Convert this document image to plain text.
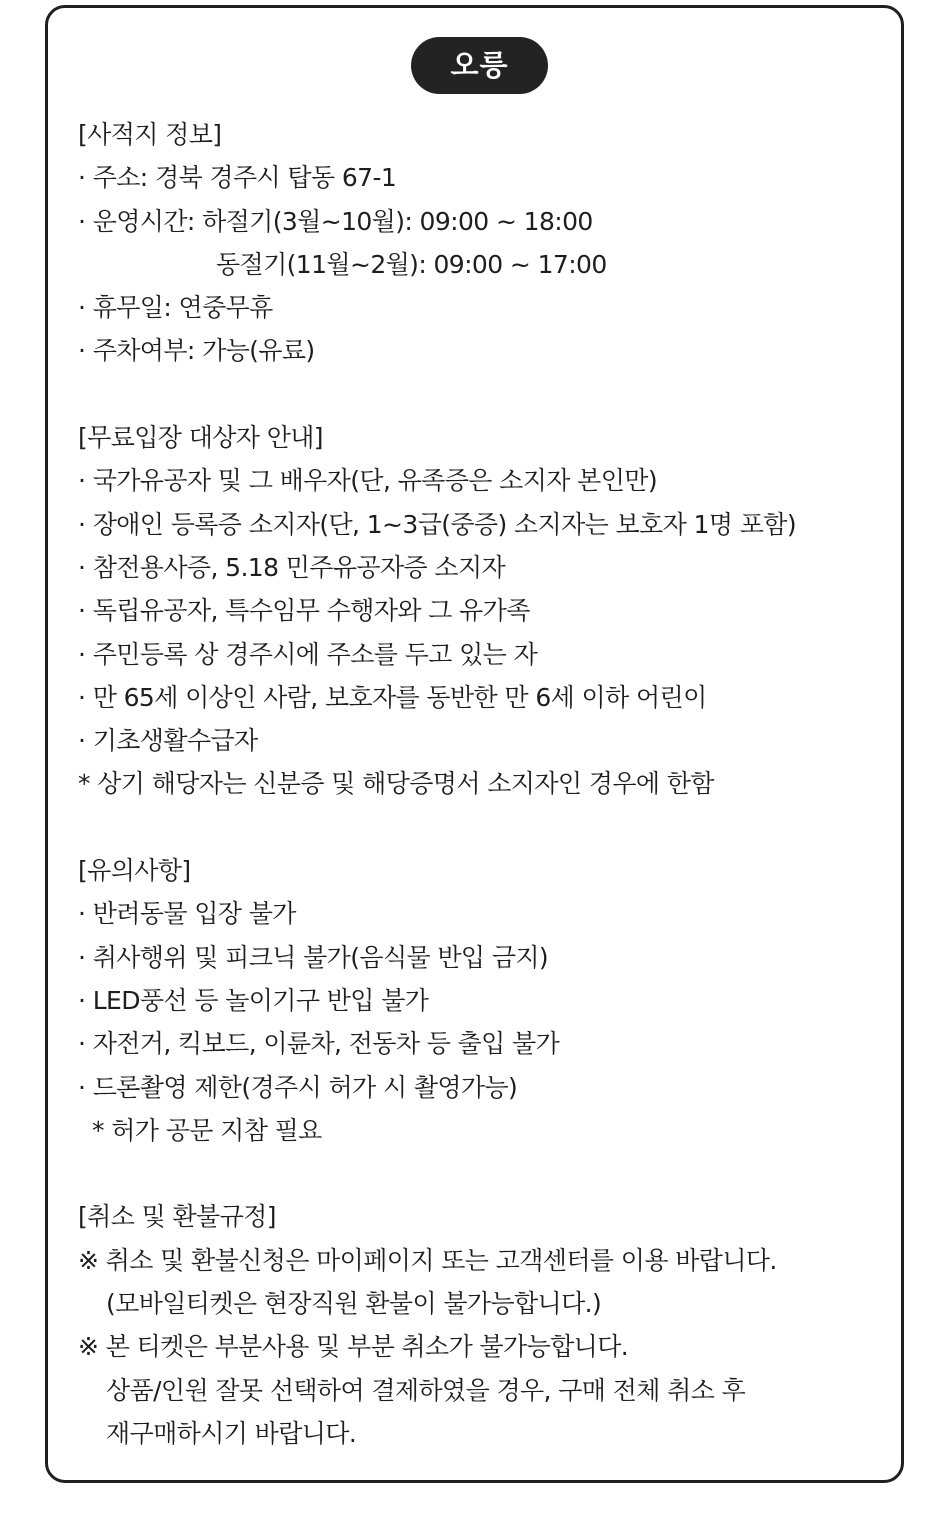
오릉
[사적지 정보]
· 주소: 경북 경주시 탑동 67-1
· 운영시간: 하절기(3월~10월): 09:00 ~ 18:00
동절기(11월~2월): 09:00 ~ 17:00
· 휴무일: 연중무휴
· 주차여부: 가능(유료)
[무료입장 대상자 안내]
· 국가유공자 및 그 배우자(단, 유족증은 소지자 본인만)
· 장애인 등록증 소지자(단, 1~3급(중증) 소지자는 보호자 1명 포함)
· 참전용사증, 5.18 민주유공자증 소지자
· 독립유공자, 특수임무 수행자와 그 유가족
· 주민등록 상 경주시에 주소를 두고 있는 자
· 만 65세 이상인 사람, 보호자를 동반한 만 6세 이하 어린이
· 기초생활수급자
* 상기 해당자는 신분증 및 해당증명서 소지자인 경우에 한함
[유의사항]
· 반려동물 입장 불가
· 취사행위 및 피크닉 불가(음식물 반입 금지)
· LED풍선 등 놀이기구 반입 불가
· 자전거, 킥보드, 이륜차, 전동차 등 출입 불가
· 드론촬영 제한(경주시 허가 시 촬영가능)
* 허가 공문 지참 필요
[취소 및 환불규정]
※ 취소 및 환불신청은 마이페이지 또는 고객센터를 이용 바랍니다.
(모바일티켓은 현장직원 환불이 불가능합니다.)
※ 본 티켓은 부분사용 및 부분 취소가 불가능합니다.
상품/인원 잘못 선택하여 결제하였을 경우, 구매 전체 취소 후
재구매하시기 바랍니다.
